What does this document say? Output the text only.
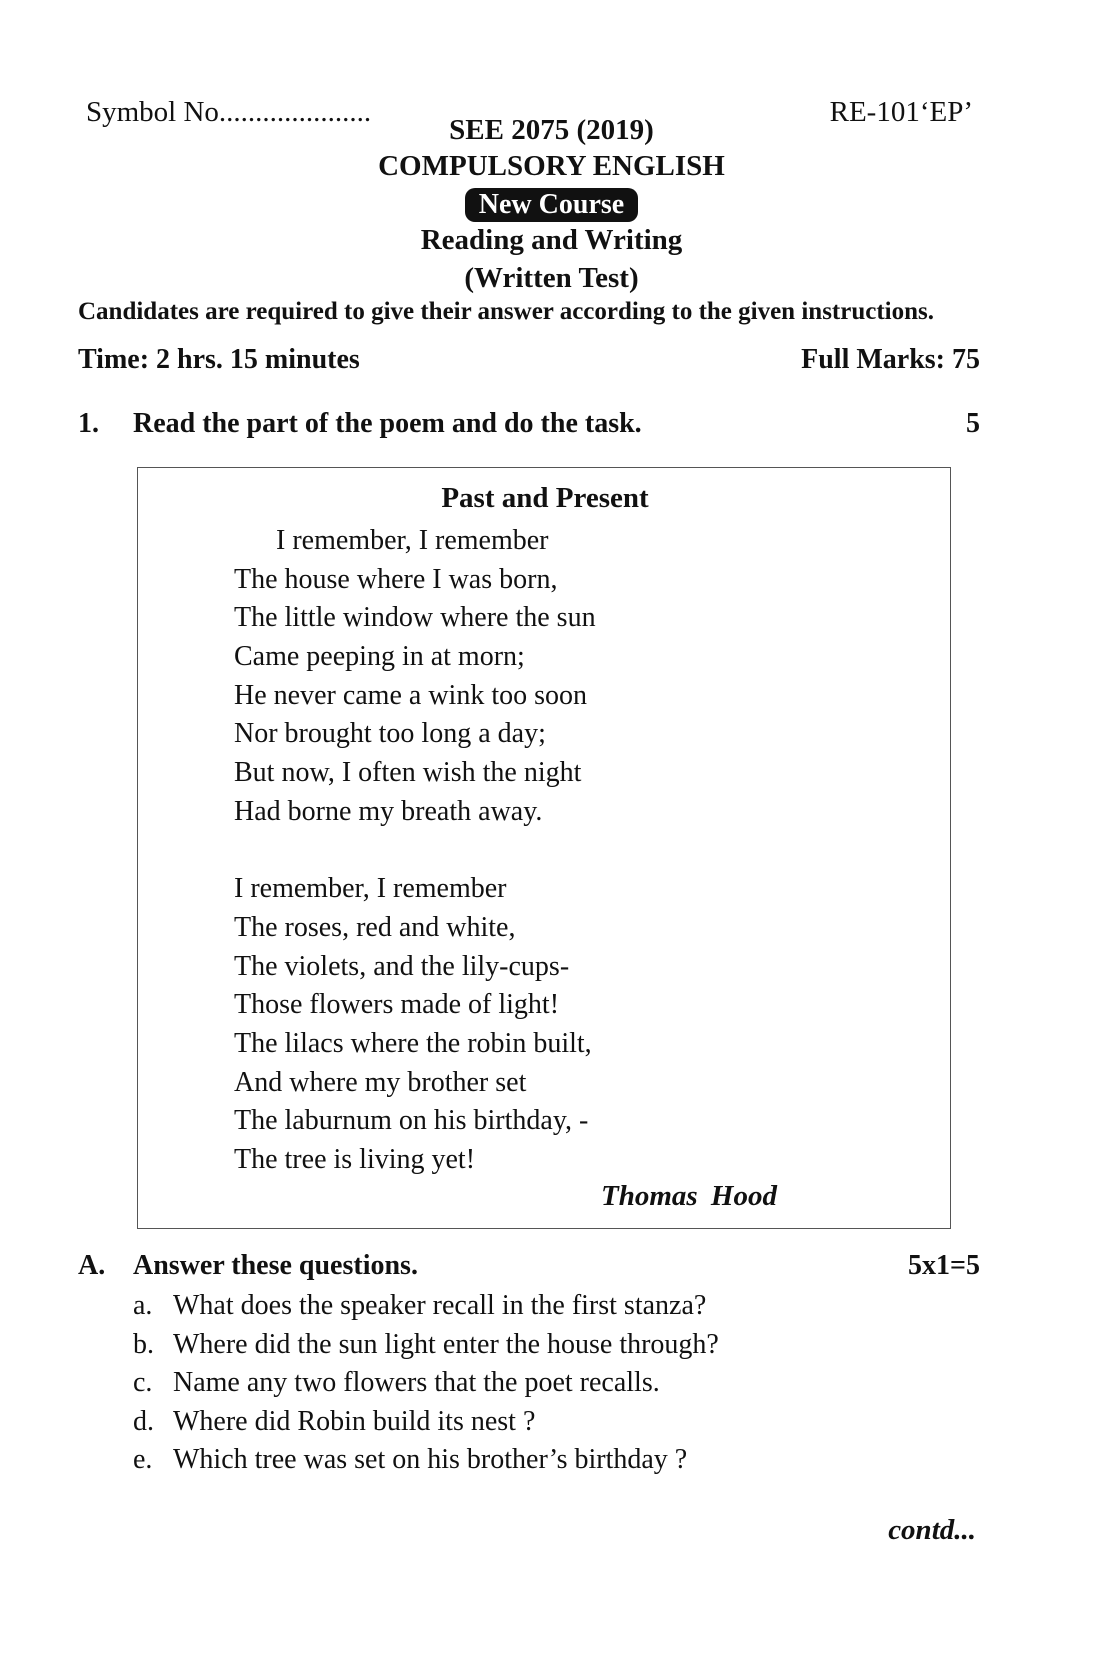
Symbol No.....................	RE-101‘EP’
SEE 2075 (2019)
COMPULSORY ENGLISH
New Course
Reading and Writing
(Written Test)
Candidates are required to give their answer according to the given instructions.
Time: 2 hrs. 15 minutes	Full Marks: 75
1. Read the part of the poem and do the task.	5
Past and Present
I remember, I remember
The house where I was born,
The little window where the sun
Came peeping in at morn;
He never came a wink too soon
Nor brought too long a day;
But now, I often wish the night
Had borne my breath away.
I remember, I remember
The roses, red and white,
The violets, and the lily-cups-
Those flowers made of light!
The lilacs where the robin built,
And where my brother set
The laburnum on his birthday, -
The tree is living yet!
Thomas Hood
A. Answer these questions.	5x1=5
a. What does the speaker recall in the first stanza?
b. Where did the sun light enter the house through?
c. Name any two flowers that the poet recalls.
d. Where did Robin build its nest ?
e. Which tree was set on his brother’s birthday ?
contd...
